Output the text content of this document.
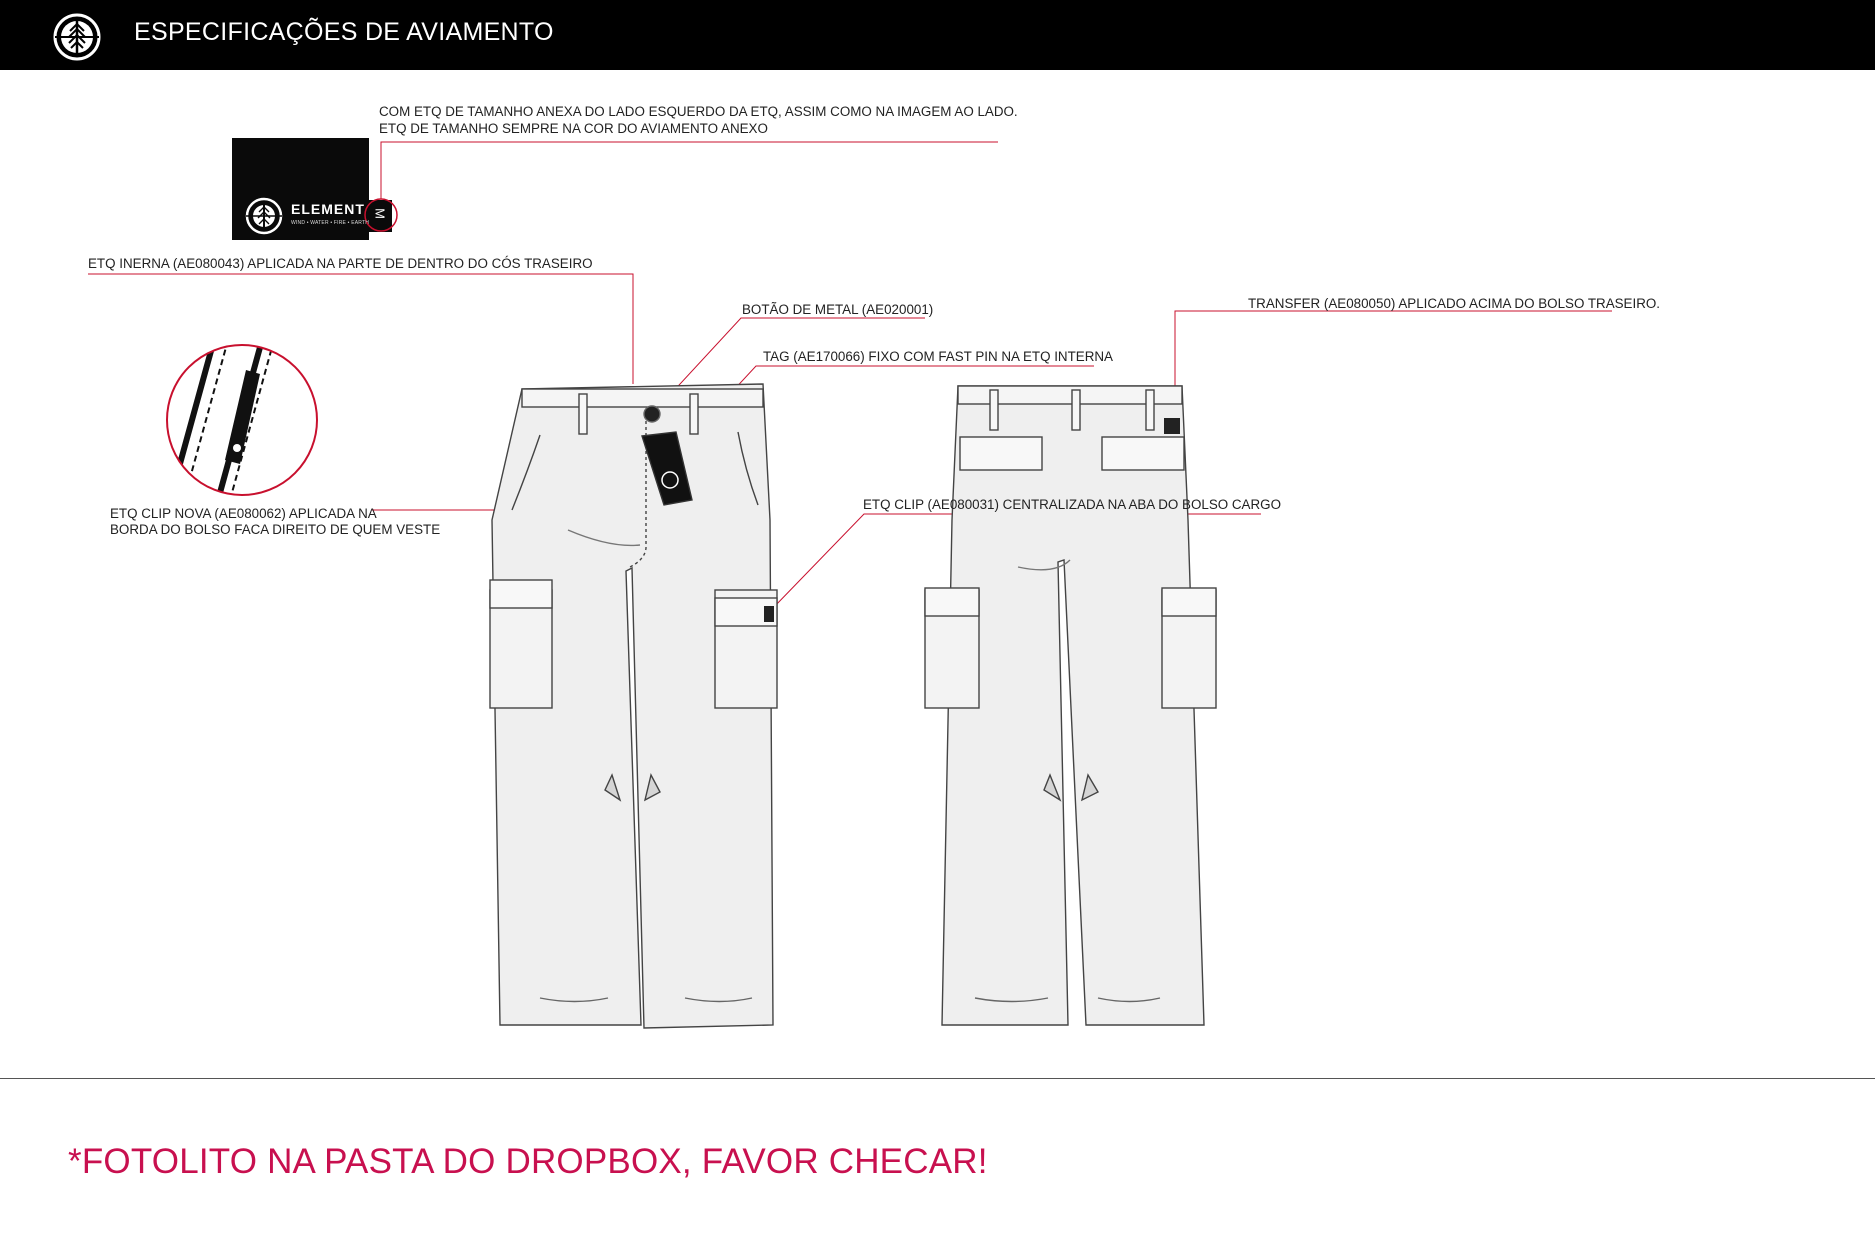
ESPECIFICAÇÕES DE AVIAMENTO
ELEMENT
WIND • WATER • FIRE • EARTH
M
COM ETQ DE TAMANHO ANEXA DO LADO ESQUERDO DA ETQ, ASSIM COMO NA IMAGEM AO LADO.
ETQ DE TAMANHO SEMPRE NA COR DO AVIAMENTO ANEXO
ETQ INERNA (AE080043) APLICADA NA PARTE DE DENTRO DO CÓS TRASEIRO
BOTÃO DE METAL (AE020001)
TAG (AE170066) FIXO COM FAST PIN NA ETQ INTERNA
TRANSFER (AE080050) APLICADO ACIMA DO BOLSO TRASEIRO.
ETQ CLIP NOVA (AE080062) APLICADA NA
BORDA DO BOLSO FACA DIREITO DE QUEM VESTE
ETQ CLIP (AE080031) CENTRALIZADA NA ABA DO BOLSO CARGO
*FOTOLITO NA PASTA DO DROPBOX, FAVOR CHECAR!
